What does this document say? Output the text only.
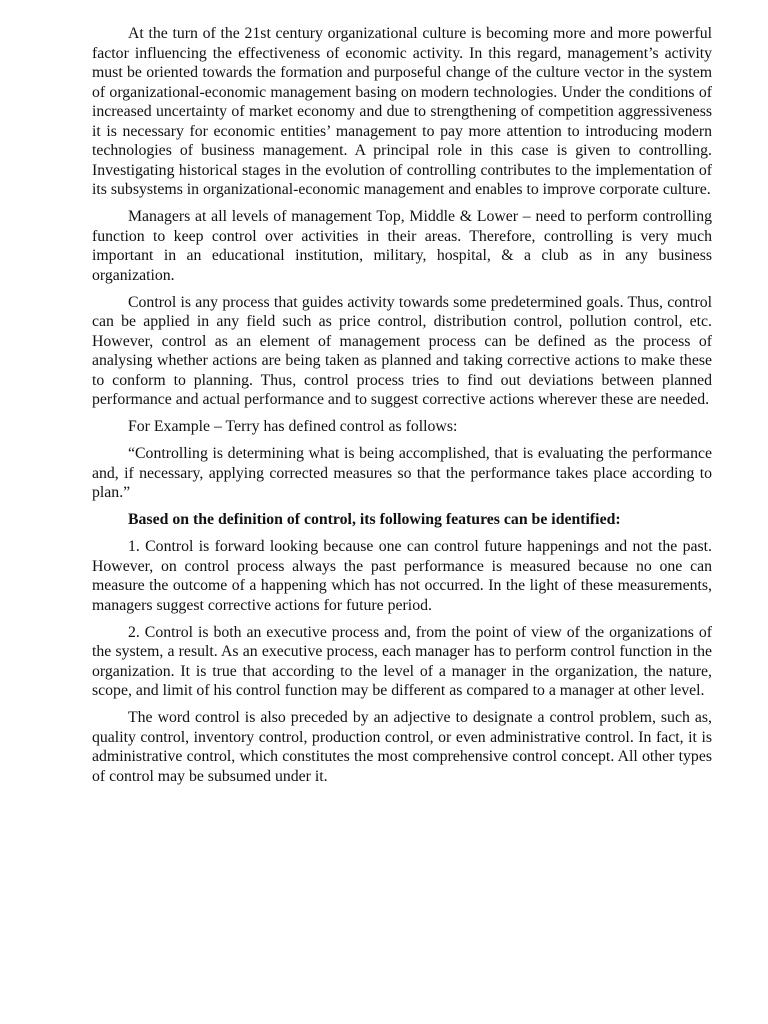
At the turn of the 21st century organizational culture is becoming more and more powerful factor influencing the effectiveness of economic activity. In this regard, management’s activity must be oriented towards the formation and purposeful change of the culture vector in the system of organizational-economic management basing on modern technologies. Under the conditions of increased uncertainty of market economy and due to strengthening of competition aggressiveness it is necessary for economic entities’ management to pay more attention to introducing modern technologies of business management. A principal role in this case is given to controlling. Investigating historical stages in the evolution of controlling contributes to the implementation of its subsystems in organizational-economic management and enables to improve corporate culture.

Managers at all levels of management Top, Middle & Lower – need to perform controlling function to keep control over activities in their areas. Therefore, controlling is very much important in an educational institution, military, hospital, & a club as in any business organization.

Control is any process that guides activity towards some predetermined goals. Thus, control can be applied in any field such as price control, distribution control, pollution control, etc. However, control as an element of management process can be defined as the process of analysing whether actions are being taken as planned and taking corrective actions to make these to conform to planning. Thus, control process tries to find out deviations between planned performance and actual performance and to suggest corrective actions wherever these are needed.

For Example – Terry has defined control as follows:

“Controlling is determining what is being accomplished, that is evaluating the performance and, if necessary, applying corrected measures so that the performance takes place according to plan.”

Based on the definition of control, its following features can be identified:

1. Control is forward looking because one can control future happenings and not the past. However, on control process always the past performance is measured because no one can measure the outcome of a happening which has not occurred. In the light of these measurements, managers suggest corrective actions for future period.

2. Control is both an executive process and, from the point of view of the organizations of the system, a result. As an executive process, each manager has to perform control function in the organization. It is true that according to the level of a manager in the organization, the nature, scope, and limit of his control function may be different as compared to a manager at other level.

The word control is also preceded by an adjective to designate a control problem, such as, quality control, inventory control, production control, or even administrative control. In fact, it is administrative control, which constitutes the most comprehensive control concept. All other types of control may be subsumed under it.
